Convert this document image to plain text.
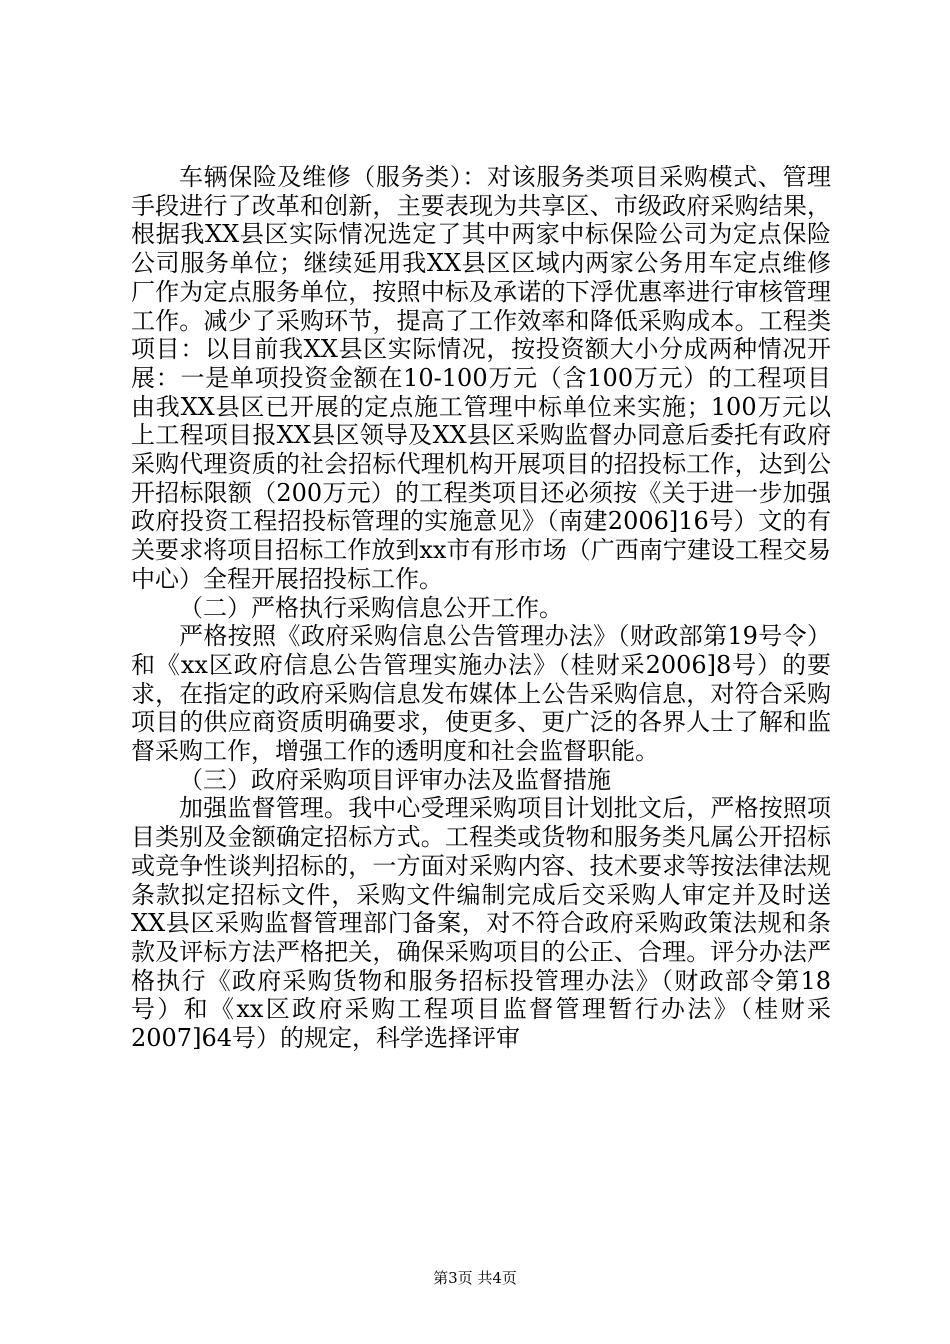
车辆保险及维修（服务类）：对该服务类项目采购模式、管理手段进行了改革和创新，主要表现为共享区、市级政府采购结果，根据我XX县区实际情况选定了其中两家中标保险公司为定点保险公司服务单位；继续延用我XX县区区域内两家公务用车定点维修厂作为定点服务单位，按照中标及承诺的下浮优惠率进行审核管理工作。减少了采购环节，提高了工作效率和降低采购成本。工程类项目：以目前我XX县区实际情况，按投资额大小分成两种情况开展：一是单项投资金额在10-100万元（含100万元）的工程项目由我XX县区已开展的定点施工管理中标单位来实施；100万元以上工程项目报XX县区领导及XX县区采购监督办同意后委托有政府采购代理资质的社会招标代理机构开展项目的招投标工作，达到公开招标限额（200万元）的工程类项目还必须按《关于进一步加强政府投资工程招投标管理的实施意见》（南建2006]16号）文的有关要求将项目招标工作放到xx市有形市场（广西南宁建设工程交易中心）全程开展招投标工作。

（二）严格执行采购信息公开工作。

严格按照《政府采购信息公告管理办法》（财政部第19号令）和《xx区政府信息公告管理实施办法》（桂财采2006]8号）的要求，在指定的政府采购信息发布媒体上公告采购信息，对符合采购项目的供应商资质明确要求，使更多、更广泛的各界人士了解和监督采购工作，增强工作的透明度和社会监督职能。

（三）政府采购项目评审办法及监督措施

加强监督管理。我中心受理采购项目计划批文后，严格按照项目类别及金额确定招标方式。工程类或货物和服务类凡属公开招标或竞争性谈判招标的，一方面对采购内容、技术要求等按法律法规条款拟定招标文件，采购文件编制完成后交采购人审定并及时送XX县区采购监督管理部门备案，对不符合政府采购政策法规和条款及评标方法严格把关，确保采购项目的公正、合理。评分办法严格执行《政府采购货物和服务招标投管理办法》（财政部令第18号）和《xx区政府采购工程项目监督管理暂行办法》（桂财采2007]64号）的规定，科学选择评审

第3页 共4页
